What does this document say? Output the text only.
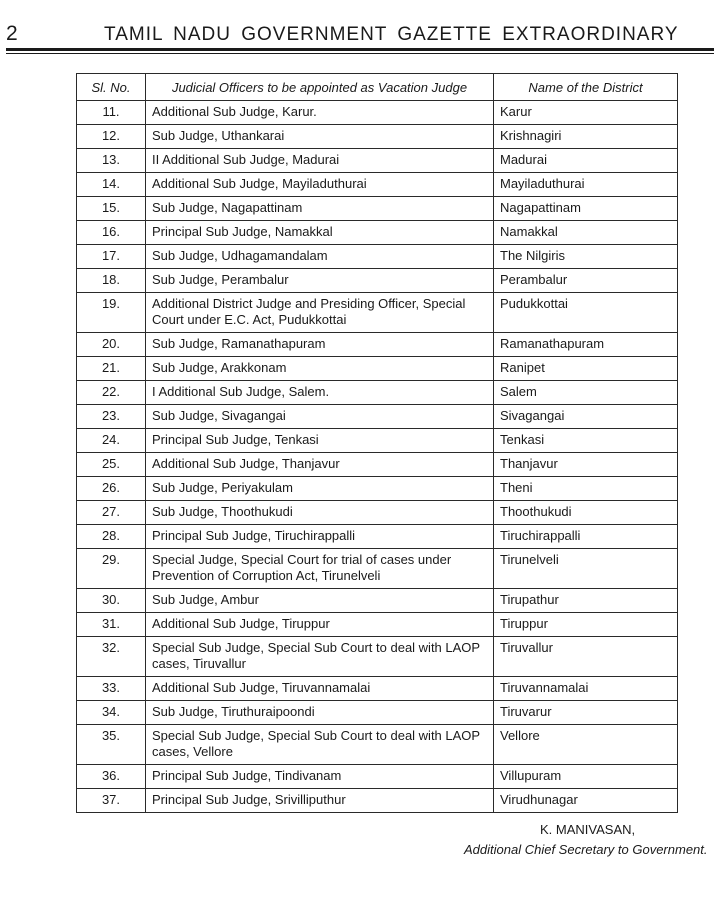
2	TAMIL NADU GOVERNMENT GAZETTE EXTRAORDINARY
Sl. No.	Judicial Officers to be appointed as Vacation Judge	Name of the District
11.	Additional Sub Judge, Karur.	Karur
12.	Sub Judge, Uthankarai	Krishnagiri
13.	II Additional Sub Judge, Madurai	Madurai
14.	Additional Sub Judge, Mayiladuthurai	Mayiladuthurai
15.	Sub Judge, Nagapattinam	Nagapattinam
16.	Principal Sub Judge, Namakkal	Namakkal
17.	Sub Judge, Udhagamandalam	The Nilgiris
18.	Sub Judge, Perambalur	Perambalur
19.	Additional District Judge and Presiding Officer, Special Court under E.C. Act, Pudukkottai	Pudukkottai
20.	Sub Judge, Ramanathapuram	Ramanathapuram
21.	Sub Judge, Arakkonam	Ranipet
22.	I Additional Sub Judge, Salem.	Salem
23.	Sub Judge, Sivagangai	Sivagangai
24.	Principal Sub Judge, Tenkasi	Tenkasi
25.	Additional Sub Judge, Thanjavur	Thanjavur
26.	Sub Judge, Periyakulam	Theni
27.	Sub Judge, Thoothukudi	Thoothukudi
28.	Principal Sub Judge, Tiruchirappalli	Tiruchirappalli
29.	Special Judge, Special Court for trial of cases under Prevention of Corruption Act, Tirunelveli	Tirunelveli
30.	Sub Judge, Ambur	Tirupathur
31.	Additional Sub Judge, Tiruppur	Tiruppur
32.	Special Sub Judge, Special Sub Court to deal with LAOP cases, Tiruvallur	Tiruvallur
33.	Additional Sub Judge, Tiruvannamalai	Tiruvannamalai
34.	Sub Judge, Tiruthuraipoondi	Tiruvarur
35.	Special Sub Judge, Special Sub Court to deal with LAOP cases, Vellore	Vellore
36.	Principal Sub Judge, Tindivanam	Villupuram
37.	Principal Sub Judge, Srivilliputhur	Virudhunagar
K. MANIVASAN,
Additional Chief Secretary to Government.
